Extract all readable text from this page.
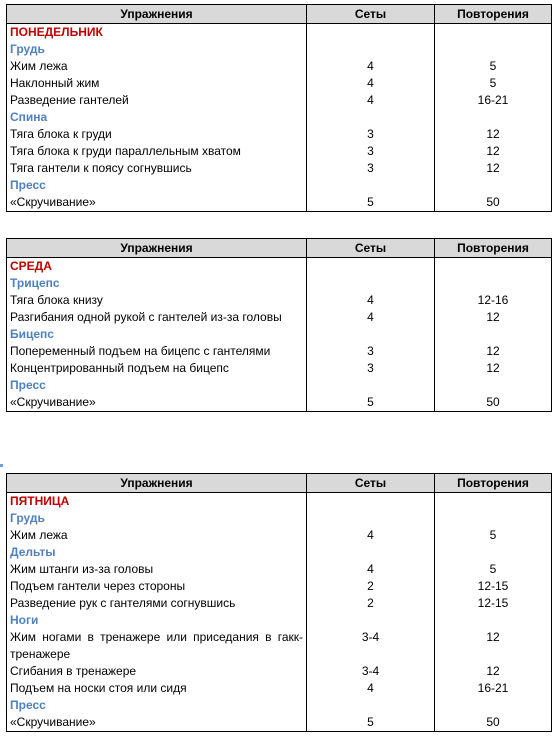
Упражнения	Сеты	Повторения
ПОНЕДЕЛЬНИК		
Грудь		
Жим лежа	4	5
Наклонный жим	4	5
Разведение гантелей	4	16-21
Спина		
Тяга блока к груди	3	12
Тяга блока к груди параллельным хватом	3	12
Тяга гантели к поясу согнувшись	3	12
Пресс		
«Скручивание»	5	50
Упражнения	Сеты	Повторения
СРЕДА		
Трицепс		
Тяга блока книзу	4	12-16
Разгибания одной рукой с гантелей из-за головы	4	12
Бицепс		
Попеременный подъем на бицепс с гантелями	3	12
Концентрированный подъем на бицепс	3	12
Пресс		
«Скручивание»	5	50
Упражнения	Сеты	Повторения
ПЯТНИЦА		
Грудь		
Жим лежа	4	5
Дельты		
Жим штанги из-за головы	4	5
Подъем гантели через стороны	2	12-15
Разведение рук с гантелями согнувшись	2	12-15
Ноги		
Жим ногами в тренажере или приседания в гакк-тренажере	3-4	12
Сгибания в тренажере	3-4	12
Подъем на носки стоя или сидя	4	16-21
Пресс		
«Скручивание»	5	50
